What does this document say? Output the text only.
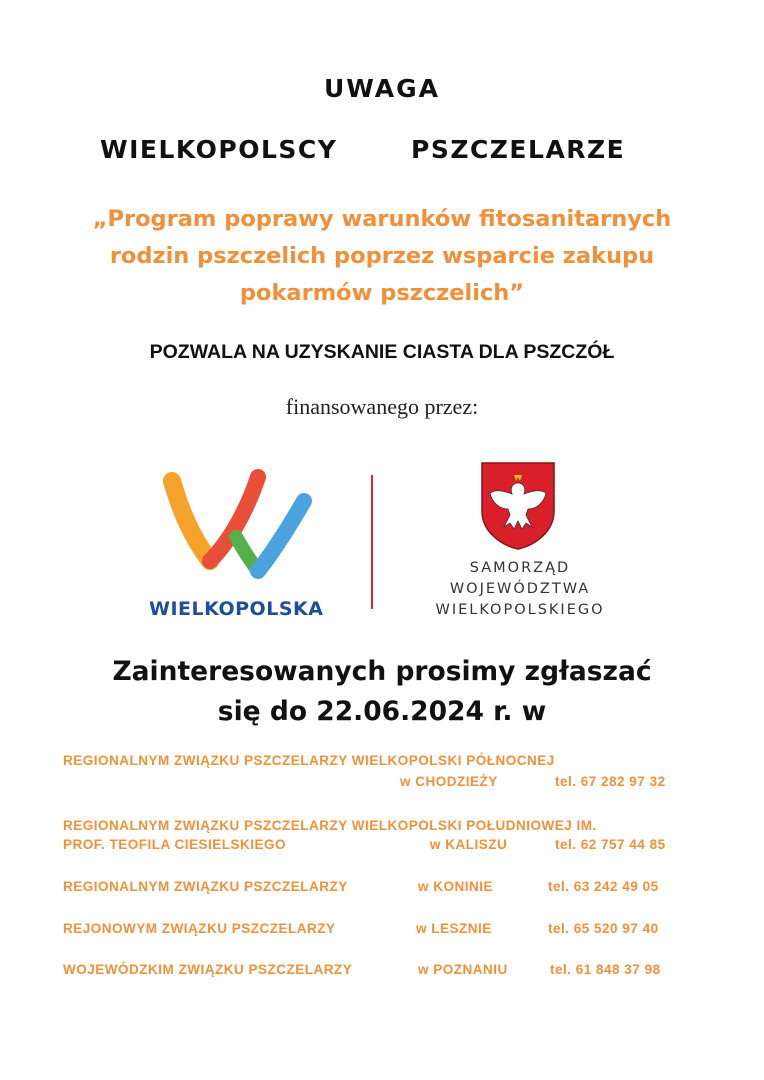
UWAGA
WIELKOPOLSCY	PSZCZELARZE
„Program poprawy warunków fitosanitarnych
rodzin pszczelich poprzez wsparcie zakupu
pokarmów pszczelich”
POZWALA NA UZYSKANIE CIASTA DLA PSZCZÓŁ
finansowanego przez:
WIELKOPOLSKA
SAMORZĄD
WOJEWÓDZTWA
WIELKOPOLSKIEGO
Zainteresowanych prosimy zgłaszać
się do 22.06.2024 r. w
REGIONALNYM ZWIĄZKU PSZCZELARZY WIELKOPOLSKI PÓŁNOCNEJ
w CHODZIEŻY	tel. 67 282 97 32
REGIONALNYM ZWIĄZKU PSZCZELARZY WIELKOPOLSKI POŁUDNIOWEJ IM.
PROF. TEOFILA CIESIELSKIEGO	w KALISZU	tel. 62 757 44 85
REGIONALNYM ZWIĄZKU PSZCZELARZY	w KONINIE	tel. 63 242 49 05
REJONOWYM ZWIĄZKU PSZCZELARZY	w LESZNIE	tel. 65 520 97 40
WOJEWÓDZKIM ZWIĄZKU PSZCZELARZY	w POZNANIU	tel. 61 848 37 98
